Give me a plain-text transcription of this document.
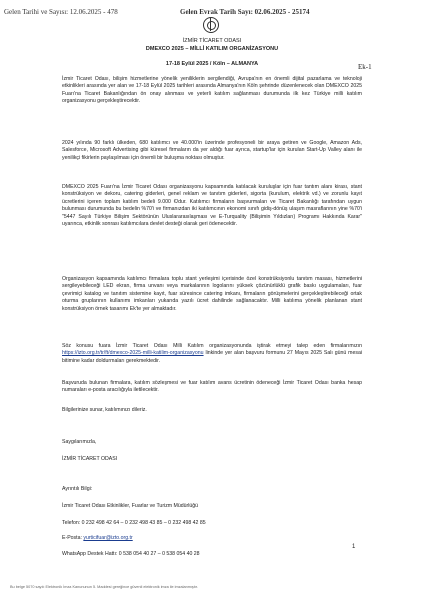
Gelen Tarihi ve Sayısı: 12.06.2025 - 478	Gelen Evrak Tarih Sayı: 02.06.2025 - 25174
İZMİR TİCARET ODASI
DMEXCO 2025 – MİLLİ KATILIM ORGANİZASYONU
17-18 Eylül 2025 / Köln – ALMANYA	Ek-1
İzmir Ticaret Odası, bilişim hizmetlerine yönelik yeniliklerin sergilendiği, Avrupa'nın en önemli dijital pazarlama ve teknoloji etkinlikleri arasında yer alan ve 17-18 Eylül 2025 tarihleri arasında Almanya'nın Köln şehrinde düzenlenecek olan DMEXCO 2025 Fuarı'na Ticaret Bakanlığından ön onay alınması ve yeterli katılım sağlanması durumunda ilk kez Türkiye milli katılım organizasyonu gerçekleştirecektir.
2024 yılında 90 farklı ülkeden, 680 katılımcı ve 40.000'in üzerinde profesyoneli bir araya getiren ve Google, Amazon Ads, Salesforce, Microsoft Advertising gibi küresel firmaların da yer aldığı fuar ayrıca, startup'lar için kurulan Start-Up Valley alanı ile yenilikçi fikirlerin paylaşılması için önemli bir buluşma noktası olmuştur.
DMEXCO 2025 Fuarı'na İzmir Ticaret Odası organizasyonu kapsamında katılacak kuruluşlar için fuar tantım alanı kirası, stant konstrüksiyon ve dekoru, catering giderleri, genel reklam ve tanıtım giderleri, sigorta (kurulum, elektrik vd.) ve zorunlu kayıt ücretlerini içeren toplam katılım bedeli 9.000 €/dur. Katılımcı firmaların başvurmaları ve Ticaret Bakanlığı tarafından uygun bulunması durumunda bu bedelin %70'i ve firmanızdan iki katılımcının ekonomi sınıfı gidiş-dönüş ulaşım masraflarının yine %70'i "5447 Sayılı Türkiye Bilişim Sektörünün Uluslararasılaşması ve E-Turquality (Bilişimin Yıldızları) Programı Hakkında Karar" uyarınca, etkinlik sonrası katılımcılara devlet desteği olarak geri ödenecektir.
Organizasyon kapsamında katılımcı firmalara toplu stant yerleşimi içerisinde özel konstrüksiyonlu tanıtım masası, hizmetlerini sergileyebileceği LED ekran, firma unvanı veya markalarının logolarını yüksek çözünürlüklü grafik baskı uygulamaları, fuar çevrimiçi katalog ve tanıtım sistemine kayıt, fuar süresince catering imkanı, firmaların görüşmelerini gerçekleştirebileceği ortak oturma gruplarının kullanımı imkanları yukarıda yazılı ücret dahilinde sağlanacaktır. Milli katılıma yönelik planlanan stant konstrüksiyon örnek tasarımı Ek'te yer almaktadır.
Söz konusu fuara İzmir Ticaret Odası Milli Katılım organizasyonunda iştirak etmeyi talep eden firmalarımızın https://izto.org.tr/tr/ft/dmexco-2025-milli-katilim-organizasyonu linkinde yer alan başvuru formunu 27 Mayıs 2025 Salı günü mesai bitimine kadar doldurmaları gerekmektedir.
Başvuruda bulunan firmalara, katılım sözleşmesi ve fuar katılım avans ücretinin ödeneceği İzmir Ticaret Odası banka hesap numaraları e-posta aracılığıyla iletilecektir.
Bilgilerinize sunar, katılımınızı dileriz.
Saygılarımızla,
İZMİR TİCARET ODASI
Ayrıntılı Bilgi:
İzmir Ticaret Odası Etkinlikler, Fuarlar ve Turizm Müdürlüğü
Telefon: 0 232 498 42 64 – 0 232 498 43 85 – 0 232 498 42 85
E-Posta: yurticifuar@izto.org.tr
WhatsApp Destek Hattı: 0 538 054 40 27 – 0 538 054 40 28
1
Bu belge 5070 sayılı Elektronik İmza Kanununun 5. Maddesi gereğince güvenli elektronik imza ile imzalanmıştır.
